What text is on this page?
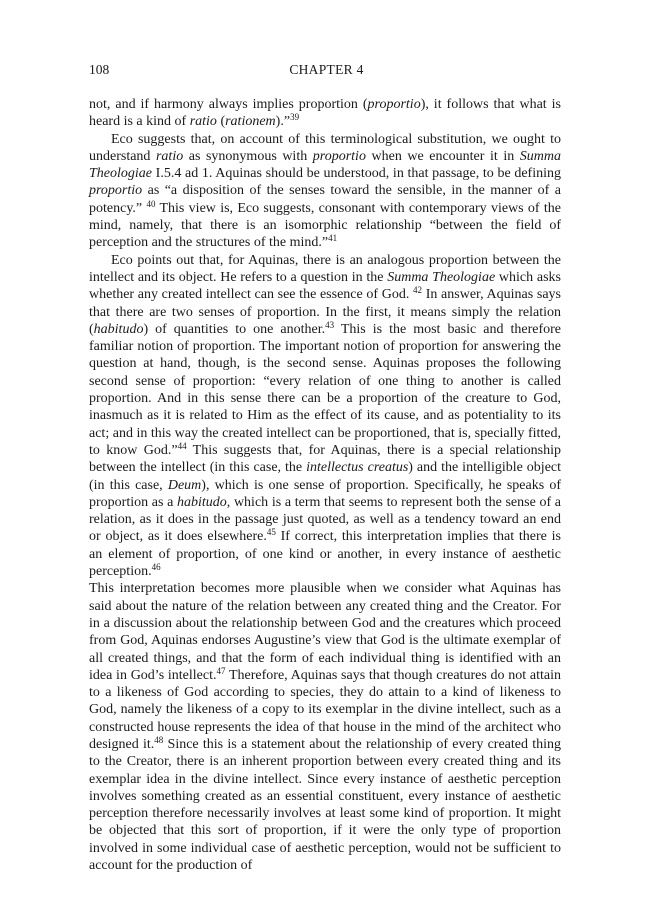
108	CHAPTER 4

not, and if harmony always implies proportion (proportio), it follows that what is heard is a kind of ratio (rationem).”$^{39}$

Eco suggests that, on account of this terminological substitution, we ought to understand ratio as synonymous with proportio when we encounter it in Summa Theologiae I.5.4 ad 1. Aquinas should be understood, in that passage, to be defining proportio as “a disposition of the senses toward the sensible, in the manner of a potency.” $^{40}$ This view is, Eco suggests, consonant with contemporary views of the mind, namely, that there is an isomorphic relationship “between the field of perception and the structures of the mind.”$^{41}$

Eco points out that, for Aquinas, there is an analogous proportion between the intellect and its object. He refers to a question in the Summa Theologiae which asks whether any created intellect can see the essence of God. $^{42}$ In answer, Aquinas says that there are two senses of proportion. In the first, it means simply the relation (habitudo) of quantities to one another.$^{43}$ This is the most basic and therefore familiar notion of proportion. The important notion of proportion for answering the question at hand, though, is the second sense. Aquinas proposes the following second sense of proportion: “every relation of one thing to another is called proportion. And in this sense there can be a proportion of the creature to God, inasmuch as it is related to Him as the effect of its cause, and as potentiality to its act; and in this way the created intellect can be proportioned, that is, specially fitted, to know God.”$^{44}$ This suggests that, for Aquinas, there is a special relationship between the intellect (in this case, the intellectus creatus) and the intelligible object (in this case, Deum), which is one sense of proportion. Specifically, he speaks of proportion as a habitudo, which is a term that seems to represent both the sense of a relation, as it does in the passage just quoted, as well as a tendency toward an end or object, as it does elsewhere.$^{45}$ If correct, this interpretation implies that there is an element of proportion, of one kind or another, in every instance of aesthetic perception.$^{46}$

This interpretation becomes more plausible when we consider what Aquinas has said about the nature of the relation between any created thing and the Creator. For in a discussion about the relationship between God and the creatures which proceed from God, Aquinas endorses Augustine’s view that God is the ultimate exemplar of all created things, and that the form of each individual thing is identified with an idea in God’s intellect.$^{47}$ Therefore, Aquinas says that though creatures do not attain to a likeness of God according to species, they do attain to a kind of likeness to God, namely the likeness of a copy to its exemplar in the divine intellect, such as a constructed house represents the idea of that house in the mind of the architect who designed it.$^{48}$ Since this is a statement about the relationship of every created thing to the Creator, there is an inherent proportion between every created thing and its exemplar idea in the divine intellect. Since every instance of aesthetic perception involves something created as an essential constituent, every instance of aesthetic perception therefore necessarily involves at least some kind of proportion. It might be objected that this sort of proportion, if it were the only type of proportion involved in some individual case of aesthetic perception, would not be sufficient to account for the production of
